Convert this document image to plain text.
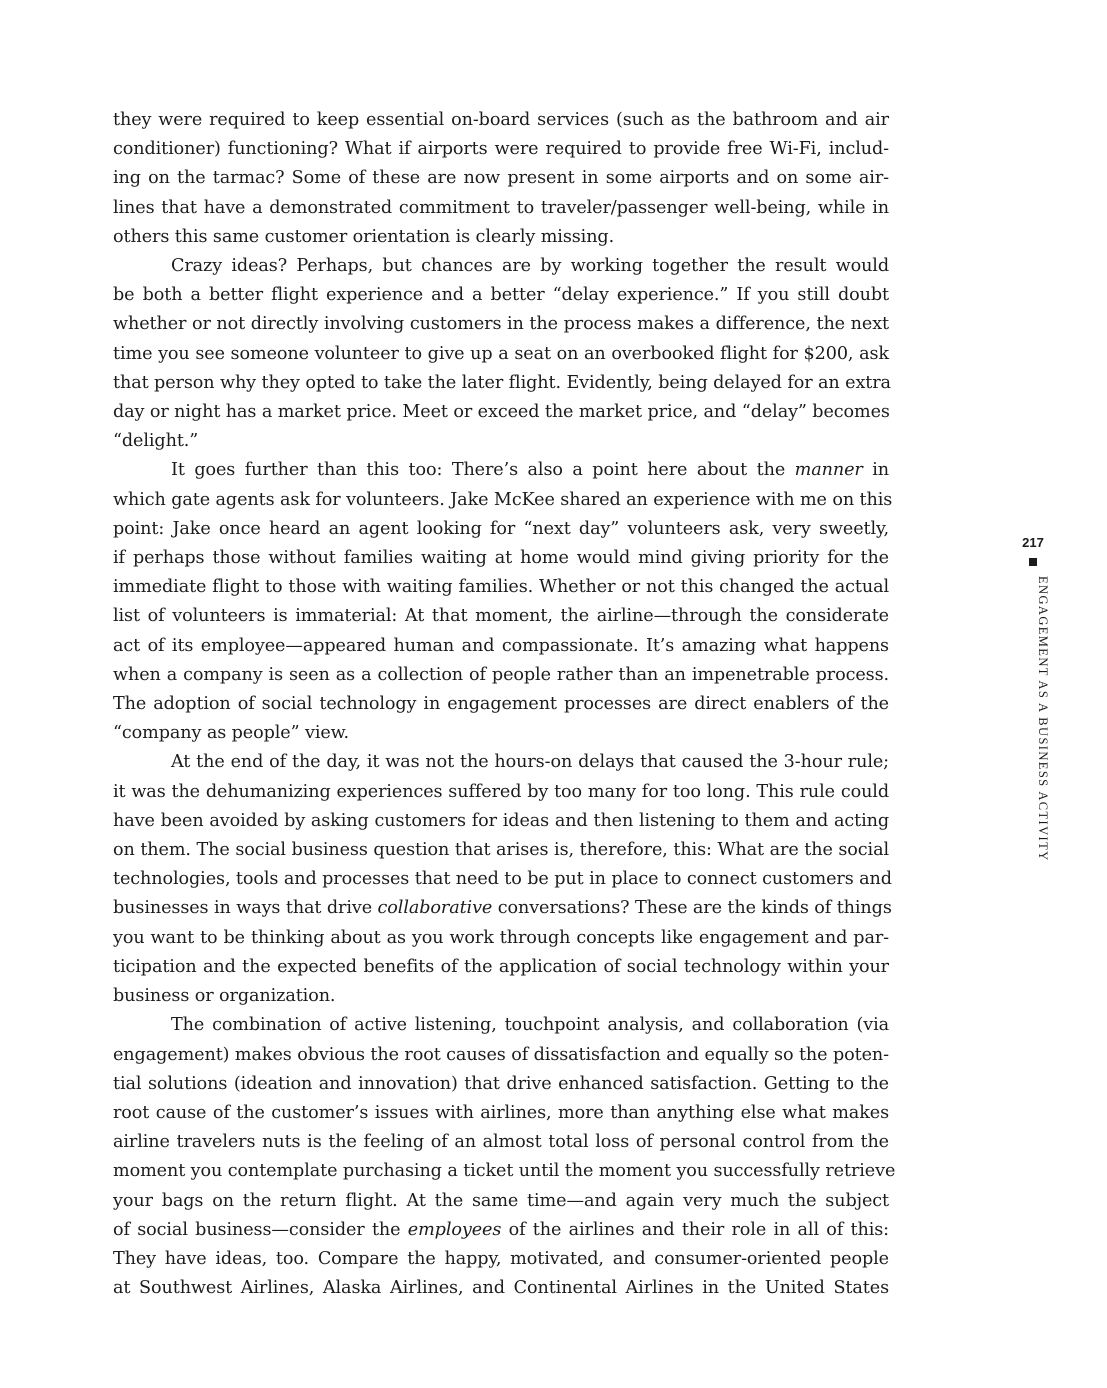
they were required to keep essential on-board services (such as the bathroom and air
conditioner) functioning? What if airports were required to provide free Wi-Fi, includ-
ing on the tarmac? Some of these are now present in some airports and on some air-
lines that have a demonstrated commitment to traveler/passenger well-being, while in
others this same customer orientation is clearly missing.
Crazy ideas? Perhaps, but chances are by working together the result would
be both a better flight experience and a better “delay experience.” If you still doubt
whether or not directly involving customers in the process makes a difference, the next
time you see someone volunteer to give up a seat on an overbooked flight for $200, ask
that person why they opted to take the later flight. Evidently, being delayed for an extra
day or night has a market price. Meet or exceed the market price, and “delay” becomes
“delight.”
It goes further than this too: There’s also a point here about the manner in
which gate agents ask for volunteers. Jake McKee shared an experience with me on this
point: Jake once heard an agent looking for “next day” volunteers ask, very sweetly,
if perhaps those without families waiting at home would mind giving priority for the
immediate flight to those with waiting families. Whether or not this changed the actual
list of volunteers is immaterial: At that moment, the airline—through the considerate
act of its employee—appeared human and compassionate. It’s amazing what happens
when a company is seen as a collection of people rather than an impenetrable process.
The adoption of social technology in engagement processes are direct enablers of the
“company as people” view.
At the end of the day, it was not the hours-on delays that caused the 3-hour rule;
it was the dehumanizing experiences suffered by too many for too long. This rule could
have been avoided by asking customers for ideas and then listening to them and acting
on them. The social business question that arises is, therefore, this: What are the social
technologies, tools and processes that need to be put in place to connect customers and
businesses in ways that drive collaborative conversations? These are the kinds of things
you want to be thinking about as you work through concepts like engagement and par-
ticipation and the expected benefits of the application of social technology within your
business or organization.
The combination of active listening, touchpoint analysis, and collaboration (via
engagement) makes obvious the root causes of dissatisfaction and equally so the poten-
tial solutions (ideation and innovation) that drive enhanced satisfaction. Getting to the
root cause of the customer’s issues with airlines, more than anything else what makes
airline travelers nuts is the feeling of an almost total loss of personal control from the
moment you contemplate purchasing a ticket until the moment you successfully retrieve
your bags on the return flight. At the same time—and again very much the subject
of social business—consider the employees of the airlines and their role in all of this:
They have ideas, too. Compare the happy, motivated, and consumer-oriented people
at Southwest Airlines, Alaska Airlines, and Continental Airlines in the United States
217
ENGAGEMENT AS A BUSINESS ACTIVITY
